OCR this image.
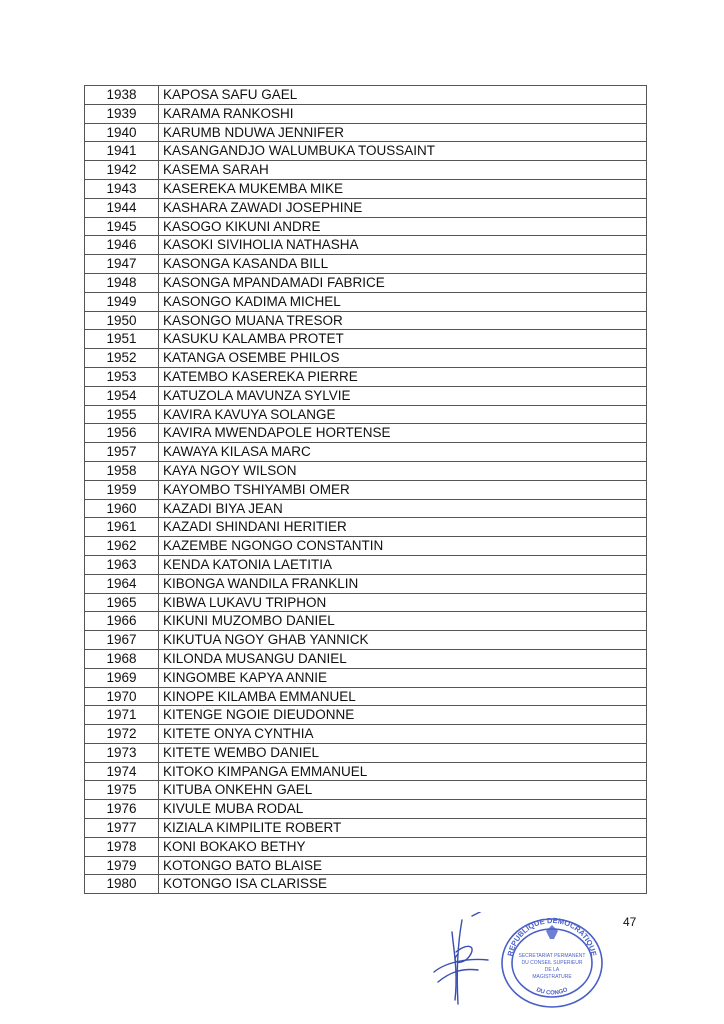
1938	KAPOSA SAFU GAEL
1939	KARAMA RANKOSHI
1940	KARUMB NDUWA JENNIFER
1941	KASANGANDJO WALUMBUKA TOUSSAINT
1942	KASEMA SARAH
1943	KASEREKA MUKEMBA MIKE
1944	KASHARA ZAWADI JOSEPHINE
1945	KASOGO KIKUNI ANDRE
1946	KASOKI SIVIHOLIA NATHASHA
1947	KASONGA KASANDA BILL
1948	KASONGA MPANDAMADI FABRICE
1949	KASONGO KADIMA MICHEL
1950	KASONGO MUANA TRESOR
1951	KASUKU KALAMBA PROTET
1952	KATANGA OSEMBE PHILOS
1953	KATEMBO KASEREKA PIERRE
1954	KATUZOLA MAVUNZA SYLVIE
1955	KAVIRA KAVUYA SOLANGE
1956	KAVIRA MWENDAPOLE HORTENSE
1957	KAWAYA KILASA MARC
1958	KAYA NGOY WILSON
1959	KAYOMBO TSHIYAMBI OMER
1960	KAZADI BIYA JEAN
1961	KAZADI SHINDANI HERITIER
1962	KAZEMBE NGONGO CONSTANTIN
1963	KENDA KATONIA LAETITIA
1964	KIBONGA WANDILA FRANKLIN
1965	KIBWA LUKAVU TRIPHON
1966	KIKUNI MUZOMBO DANIEL
1967	KIKUTUA NGOY GHAB YANNICK
1968	KILONDA MUSANGU DANIEL
1969	KINGOMBE KAPYA ANNIE
1970	KINOPE KILAMBA EMMANUEL
1971	KITENGE NGOIE DIEUDONNE
1972	KITETE ONYA CYNTHIA
1973	KITETE WEMBO DANIEL
1974	KITOKO KIMPANGA EMMANUEL
1975	KITUBA ONKEHN GAEL
1976	KIVULE MUBA RODAL
1977	KIZIALA KIMPILITE ROBERT
1978	KONI BOKAKO BETHY
1979	KOTONGO BATO BLAISE
1980	KOTONGO ISA CLARISSE
47
REPUBLIQUE DEMOCRATIQUE
DU CONGO
SECRETARIAT PERMANENT
DU CONSEIL SUPERIEUR
DE LA
MAGISTRATURE
